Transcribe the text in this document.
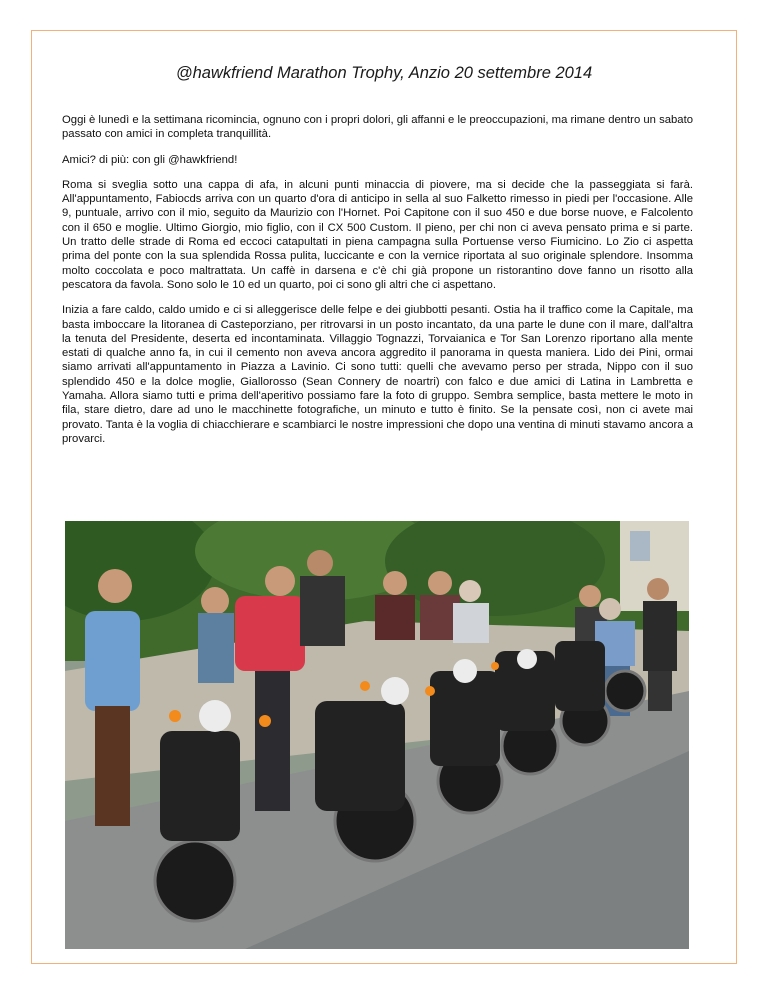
@hawkfriend Marathon Trophy, Anzio 20 settembre 2014

Oggi è lunedì e la settimana ricomincia, ognuno con i propri dolori, gli affanni e le preoccupazioni, ma rimane dentro un sabato passato con amici in completa tranquillità.

Amici? di più: con gli @hawkfriend!

Roma si sveglia sotto una cappa di afa, in alcuni punti minaccia di piovere, ma si decide che la passeggiata si farà. All'appuntamento, Fabiocds arriva con un quarto d'ora di anticipo in sella al suo Falketto rimesso in piedi per l'occasione. Alle 9, puntuale, arrivo con il mio, seguito da Maurizio con l'Hornet. Poi Capitone con il suo 450 e due borse nuove, e Falcolento con il 650 e moglie. Ultimo Giorgio, mio figlio, con il CX 500 Custom. Il pieno, per chi non ci aveva pensato prima e si parte. Un tratto delle strade di Roma ed eccoci catapultati in piena campagna sulla Portuense verso Fiumicino. Lo Zio ci aspetta prima del ponte con la sua splendida Rossa pulita, luccicante e con la vernice riportata al suo originale splendore. Insomma molto coccolata e poco maltrattata. Un caffè in darsena e c'è chi già propone un ristorantino dove fanno un risotto alla pescatora da favola. Sono solo le 10 ed un quarto, poi ci sono gli altri che ci aspettano.

Inizia a fare caldo, caldo umido e ci si alleggerisce delle felpe e dei giubbotti pesanti. Ostia ha il traffico come la Capitale, ma basta imboccare la litoranea di Casteporziano, per ritrovarsi in un posto incantato, da una parte le dune con il mare, dall'altra la tenuta del Presidente, deserta ed incontaminata. Villaggio Tognazzi, Torvaianica e Tor San Lorenzo riportano alla mente estati di qualche anno fa, in cui il cemento non aveva ancora aggredito il panorama in questa maniera. Lido dei Pini, ormai siamo arrivati all'appuntamento in Piazza a Lavinio. Ci sono tutti: quelli che avevamo perso per strada, Nippo con il suo splendido 450 e la dolce moglie, Giallorosso (Sean Connery de noartri) con falco e due amici di Latina in Lambretta e Yamaha. Allora siamo tutti e prima dell'aperitivo possiamo fare la foto di gruppo. Sembra semplice, basta mettere le moto in fila, stare dietro, dare ad uno le macchinette fotografiche, un minuto e tutto è finito. Se la pensate così, non ci avete mai provato. Tanta è la voglia di chiacchierare e scambiarci le nostre impressioni che dopo una ventina di minuti stavamo ancora a provarci.
